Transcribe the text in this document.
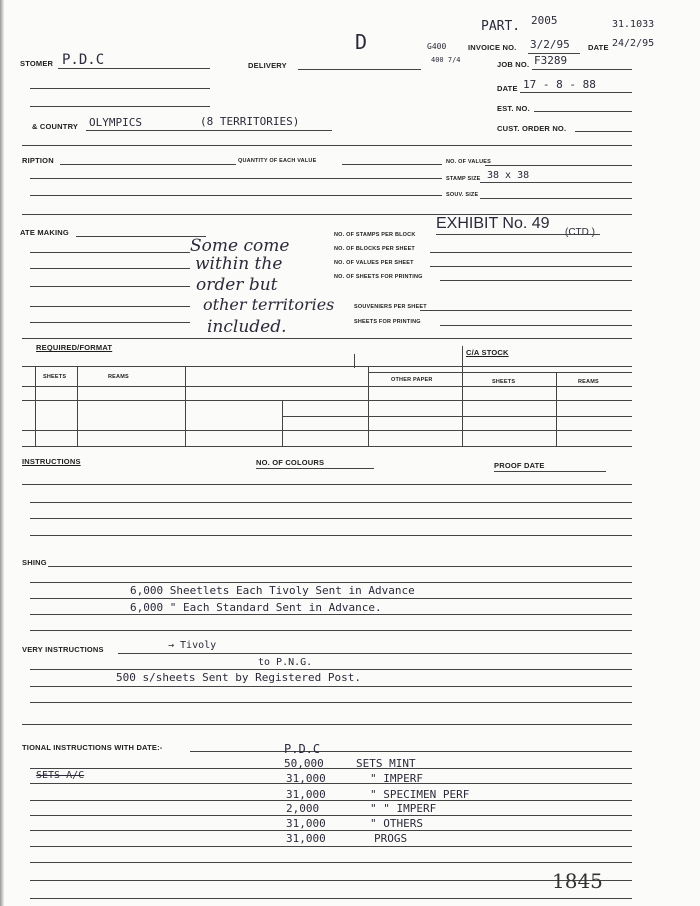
PART. 2005	31.1033
G400
400 7/4
INVOICE NO. 3/2/95 DATE 24/2/95
D
STOMER P.D.C	DELIVERY	JOB NO. F3289
DATE 17 - 8 - 88
EST. NO.
& COUNTRY OLYMPICS	(8 TERRITORIES)
CUST. ORDER NO.
RIPTION	QUANTITY OF EACH VALUE	NO. OF VALUES
STAMP SIZE 38 x 38
SOUV. SIZE
ATE MAKING
EXHIBIT No. 49
(CTD.)
NO. OF STAMPS PER BLOCK
NO. OF BLOCKS PER SHEET
NO. OF VALUES PER SHEET
NO. OF SHEETS FOR PRINTING
SOUVENIERS PER SHEET
SHEETS FOR PRINTING
Some come
within the
order but
other territories
included.
REQUIRED/FORMAT
C/A STOCK
SHEETS	REAMS	OTHER PAPER	SHEETS	REAMS
INSTRUCTIONS	NO. OF COLOURS	PROOF DATE
SHING
6,000 Sheetlets Each Tivoly Sent in Advance
6,000 " Each Standard Sent in Advance.
VERY INSTRUCTIONS	→ Tivoly
to P.N.G.
500 s/sheets Sent by Registered Post.
TIONAL INSTRUCTIONS WITH DATE:-	P.D.C
SETS A/C
50,000	SETS MINT
31,000	" IMPERF
31,000	" SPECIMEN PERF
2,000	" " IMPERF
31,000	" OTHERS
31,000	PROGS
1845
